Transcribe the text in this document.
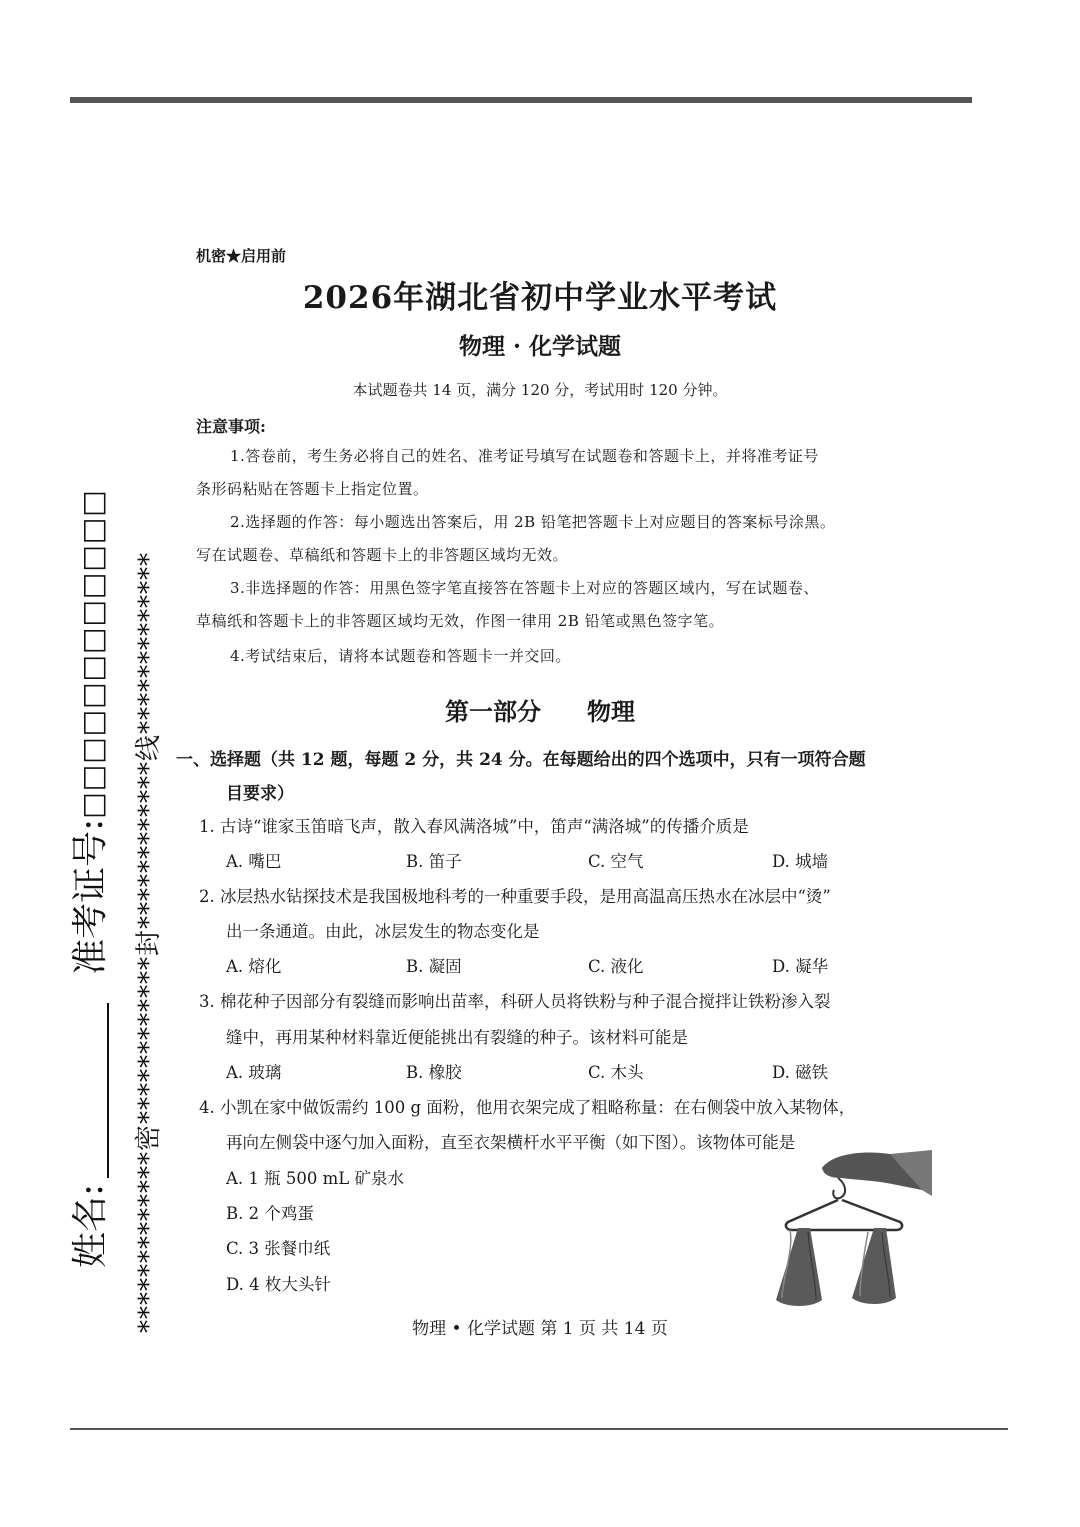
*************密************封************线*************
姓名:准考证号:□□□□□□□□□□□□
机密★启用前
2026年湖北省初中学业水平考试
物理 · 化学试题
本试题卷共 14 页，满分 120 分，考试用时 120 分钟。
注意事项:
1.答卷前，考生务必将自己的姓名、准考证号填写在试题卷和答题卡上，并将准考证号
条形码粘贴在答题卡上指定位置。
2.选择题的作答：每小题选出答案后，用 2B 铅笔把答题卡上对应题目的答案标号涂黑。
写在试题卷、草稿纸和答题卡上的非答题区域均无效。
3.非选择题的作答：用黑色签字笔直接答在答题卡上对应的答题区域内，写在试题卷、
草稿纸和答题卡上的非答题区域均无效，作图一律用 2B 铅笔或黑色签字笔。
4.考试结束后，请将本试题卷和答题卡一并交回。
第一部分 物理
一、选择题（共 12 题，每题 2 分，共 24 分。在每题给出的四个选项中，只有一项符合题
目要求）
1. 古诗“谁家玉笛暗飞声，散入春风满洛城”中，笛声“满洛城”的传播介质是
A. 嘴巴	B. 笛子	C. 空气	D. 城墙
2. 冰层热水钻探技术是我国极地科考的一种重要手段，是用高温高压热水在冰层中“烫”
出一条通道。由此，冰层发生的物态变化是
A. 熔化	B. 凝固	C. 液化	D. 凝华
3. 棉花种子因部分有裂缝而影响出苗率，科研人员将铁粉与种子混合搅拌让铁粉渗入裂
缝中，再用某种材料靠近便能挑出有裂缝的种子。该材料可能是
A. 玻璃	B. 橡胶	C. 木头	D. 磁铁
4. 小凯在家中做饭需约 100 g 面粉，他用衣架完成了粗略称量：在右侧袋中放入某物体，
再向左侧袋中逐勺加入面粉，直至衣架横杆水平平衡（如下图）。该物体可能是
A. 1 瓶 500 mL 矿泉水
B. 2 个鸡蛋
C. 3 张餐巾纸
D. 4 枚大头针
物理 • 化学试题 第 1 页 共 14 页
